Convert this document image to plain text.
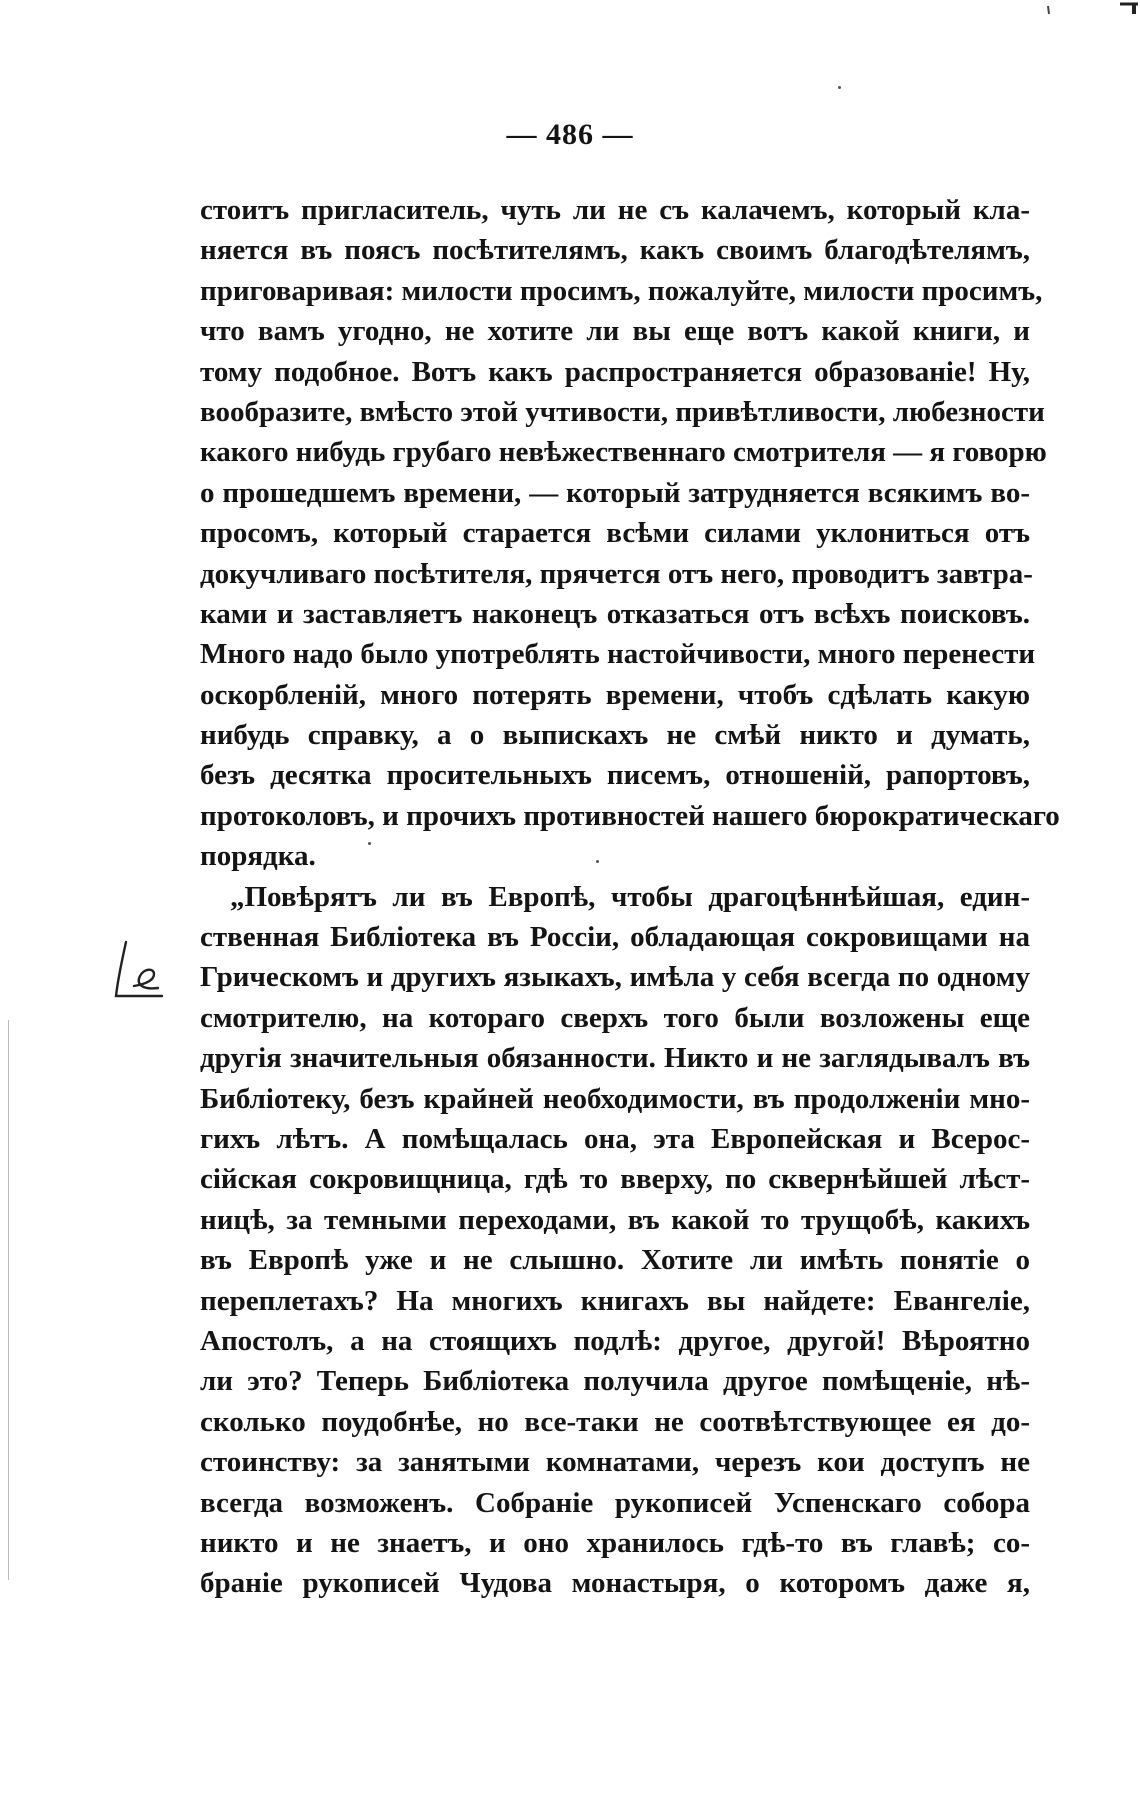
— 486 —
стоитъ пригласитель, чуть ли не съ калачемъ, который кла-
няется въ поясъ посѣтителямъ, какъ своимъ благодѣтелямъ,
приговаривая: милости просимъ, пожалуйте, милости просимъ,
что вамъ угодно, не хотите ли вы еще вотъ какой книги, и
тому подобное. Вотъ какъ распространяется образованіе! Ну,
вообразите, вмѣсто этой учтивости, привѣтливости, любезности
какого нибудь грубаго невѣжественнаго смотрителя — я говорю
о прошедшемъ времени, — который затрудняется всякимъ во-
просомъ, который старается всѣми силами уклониться отъ
докучливаго посѣтителя, прячется отъ него, проводитъ завтра-
ками и заставляетъ наконецъ отказаться отъ всѣхъ поисковъ.
Много надо было употреблять настойчивости, много перенести
оскорбленій, много потерять времени, чтобъ сдѣлать какую
нибудь справку, а о выпискахъ не смѣй никто и думать,
безъ десятка просительныхъ писемъ, отношеній, рапортовъ,
протоколовъ, и прочихъ противностей нашего бюрократическаго
порядка.
„Повѣрятъ ли въ Европѣ, чтобы драгоцѣннѣйшая, един-
ственная Библіотека въ Россіи, обладающая сокровищами на
Грическомъ и другихъ языкахъ, имѣла у себя всегда по одному
смотрителю, на котораго сверхъ того были возложены еще
другія значительныя обязанности. Никто и не заглядывалъ въ
Библіотеку, безъ крайней необходимости, въ продолженіи мно-
гихъ лѣтъ. А помѣщалась она, эта Европейская и Всерос-
сійская сокровищница, гдѣ то вверху, по сквернѣйшей лѣст-
ницѣ, за темными переходами, въ какой то трущобѣ, какихъ
въ Европѣ уже и не слышно. Хотите ли имѣть понятіе о
переплетахъ? На многихъ книгахъ вы найдете: Евангеліе,
Апостолъ, а на стоящихъ подлѣ: другое, другой! Вѣроятно
ли это? Теперь Библіотека получила другое помѣщеніе, нѣ-
сколько поудобнѣе, но все-таки не соотвѣтствующее ея до-
стоинству: за занятыми комнатами, черезъ кои доступъ не
всегда возможенъ. Собраніе рукописей Успенскаго собора
никто и не знаетъ, и оно хранилось гдѣ-то въ главѣ; со-
браніе рукописей Чудова монастыря, о которомъ даже я,
